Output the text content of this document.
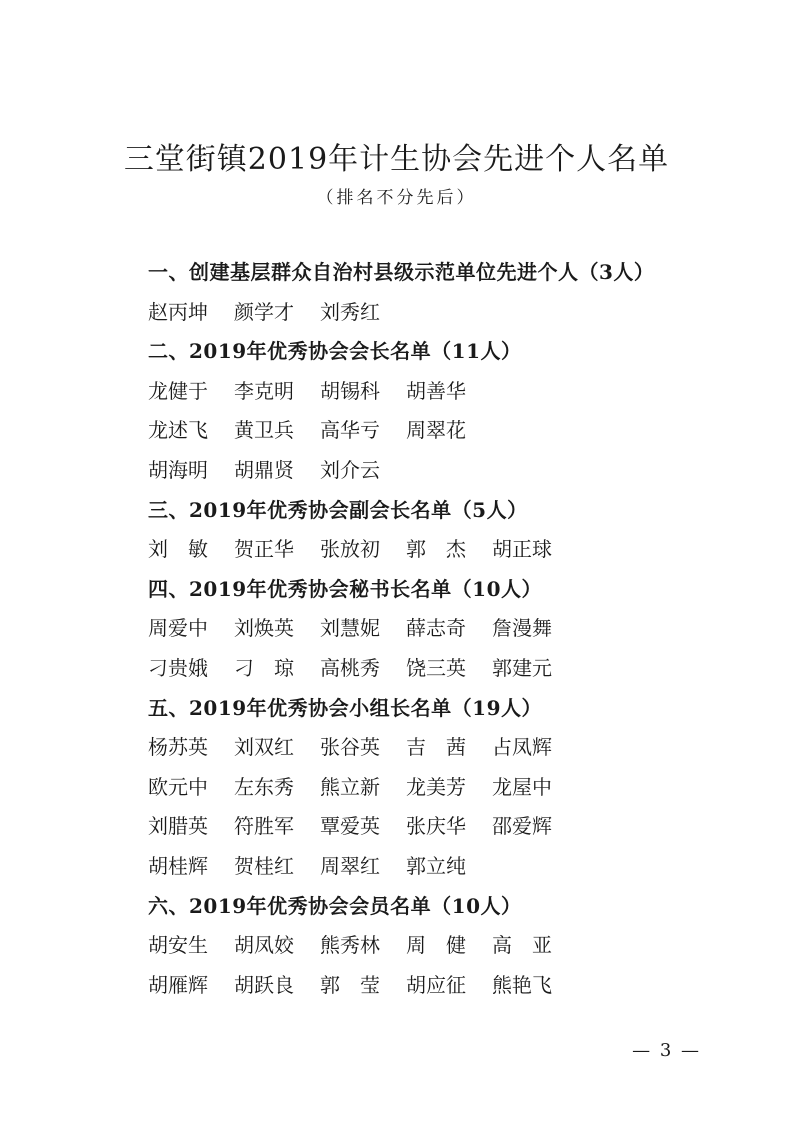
三堂街镇2019年计生协会先进个人名单
（排名不分先后）
一、创建基层群众自治村县级示范单位先进个人（3人）
赵丙坤	颜学才	刘秀红
二、2019年优秀协会会长名单（11人）
龙健于	李克明	胡锡科	胡善华
龙述飞	黄卫兵	高华亏	周翠花
胡海明	胡鼎贤	刘介云
三、2019年优秀协会副会长名单（5人）
刘　敏	贺正华	张放初	郭　杰	胡正球
四、2019年优秀协会秘书长名单（10人）
周爱中	刘焕英	刘慧妮	薛志奇	詹漫舞
刁贵娥	刁　琼	高桃秀	饶三英	郭建元
五、2019年优秀协会小组长名单（19人）
杨苏英	刘双红	张谷英	吉　茜	占凤辉
欧元中	左东秀	熊立新	龙美芳	龙屋中
刘腊英	符胜军	覃爱英	张庆华	邵爱辉
胡桂辉	贺桂红	周翠红	郭立纯
六、2019年优秀协会会员名单（10人）
胡安生	胡凤姣	熊秀林	周　健	高　亚
胡雁辉	胡跃良	郭　莹	胡应征	熊艳飞
— 3 —
